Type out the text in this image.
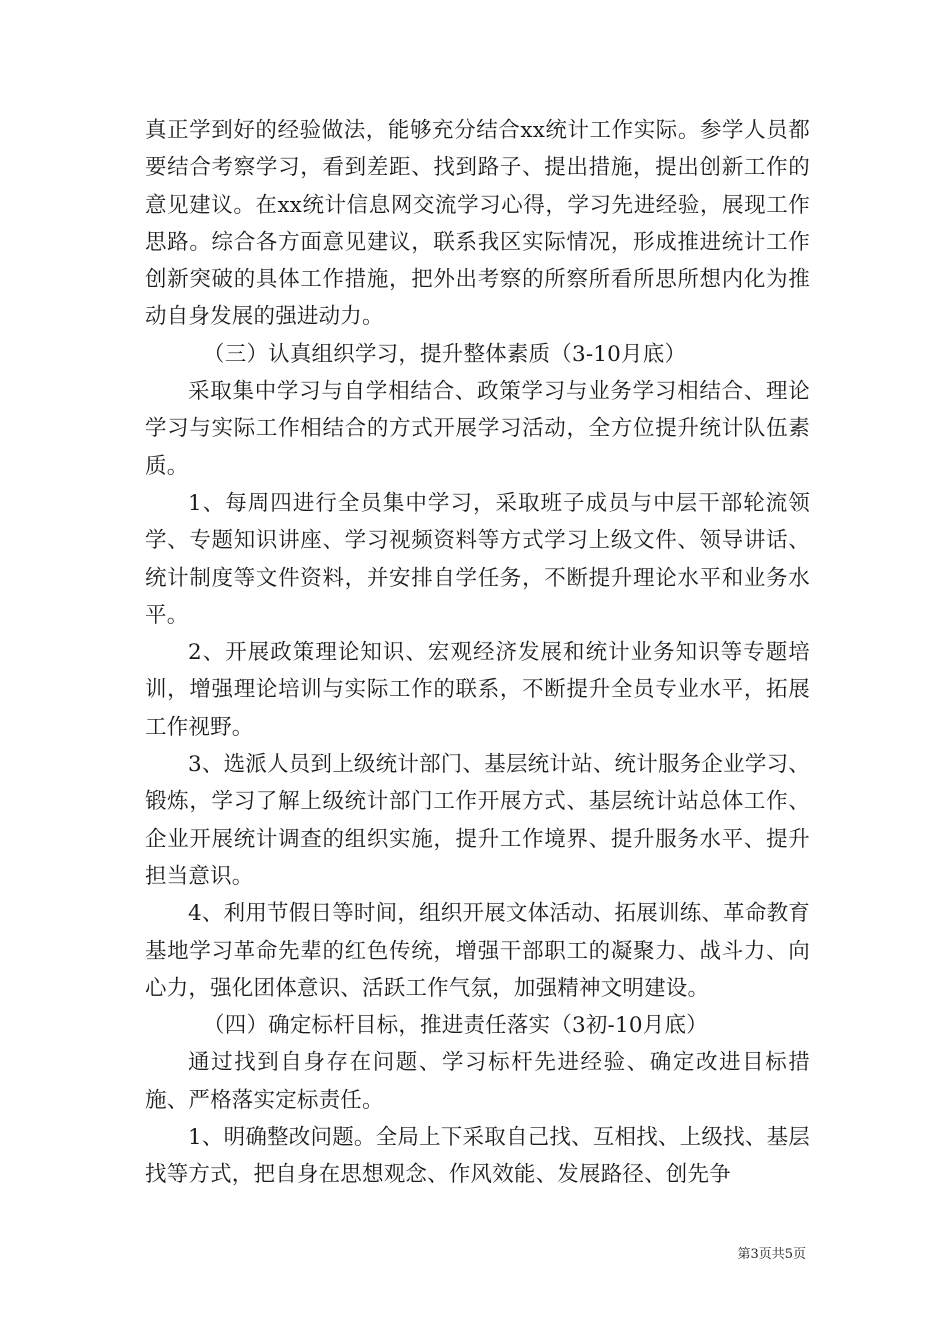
真正学到好的经验做法，能够充分结合xx统计工作实际。参学人员都要结合考察学习，看到差距、找到路子、提出措施，提出创新工作的意见建议。在xx统计信息网交流学习心得，学习先进经验，展现工作思路。综合各方面意见建议，联系我区实际情况，形成推进统计工作创新突破的具体工作措施，把外出考察的所察所看所思所想内化为推动自身发展的强进动力。

（三）认真组织学习，提升整体素质（3-10月底）

采取集中学习与自学相结合、政策学习与业务学习相结合、理论学习与实际工作相结合的方式开展学习活动，全方位提升统计队伍素质。

1、每周四进行全员集中学习，采取班子成员与中层干部轮流领学、专题知识讲座、学习视频资料等方式学习上级文件、领导讲话、统计制度等文件资料，并安排自学任务，不断提升理论水平和业务水平。

2、开展政策理论知识、宏观经济发展和统计业务知识等专题培训，增强理论培训与实际工作的联系，不断提升全员专业水平，拓展工作视野。

3、选派人员到上级统计部门、基层统计站、统计服务企业学习、锻炼，学习了解上级统计部门工作开展方式、基层统计站总体工作、企业开展统计调查的组织实施，提升工作境界、提升服务水平、提升担当意识。

4、利用节假日等时间，组织开展文体活动、拓展训练、革命教育基地学习革命先辈的红色传统，增强干部职工的凝聚力、战斗力、向心力，强化团体意识、活跃工作气氛，加强精神文明建设。

（四）确定标杆目标，推进责任落实（3初-10月底）

通过找到自身存在问题、学习标杆先进经验、确定改进目标措施、严格落实定标责任。

1、明确整改问题。全局上下采取自己找、互相找、上级找、基层找等方式，把自身在思想观念、作风效能、发展路径、创先争

第3页共5页
